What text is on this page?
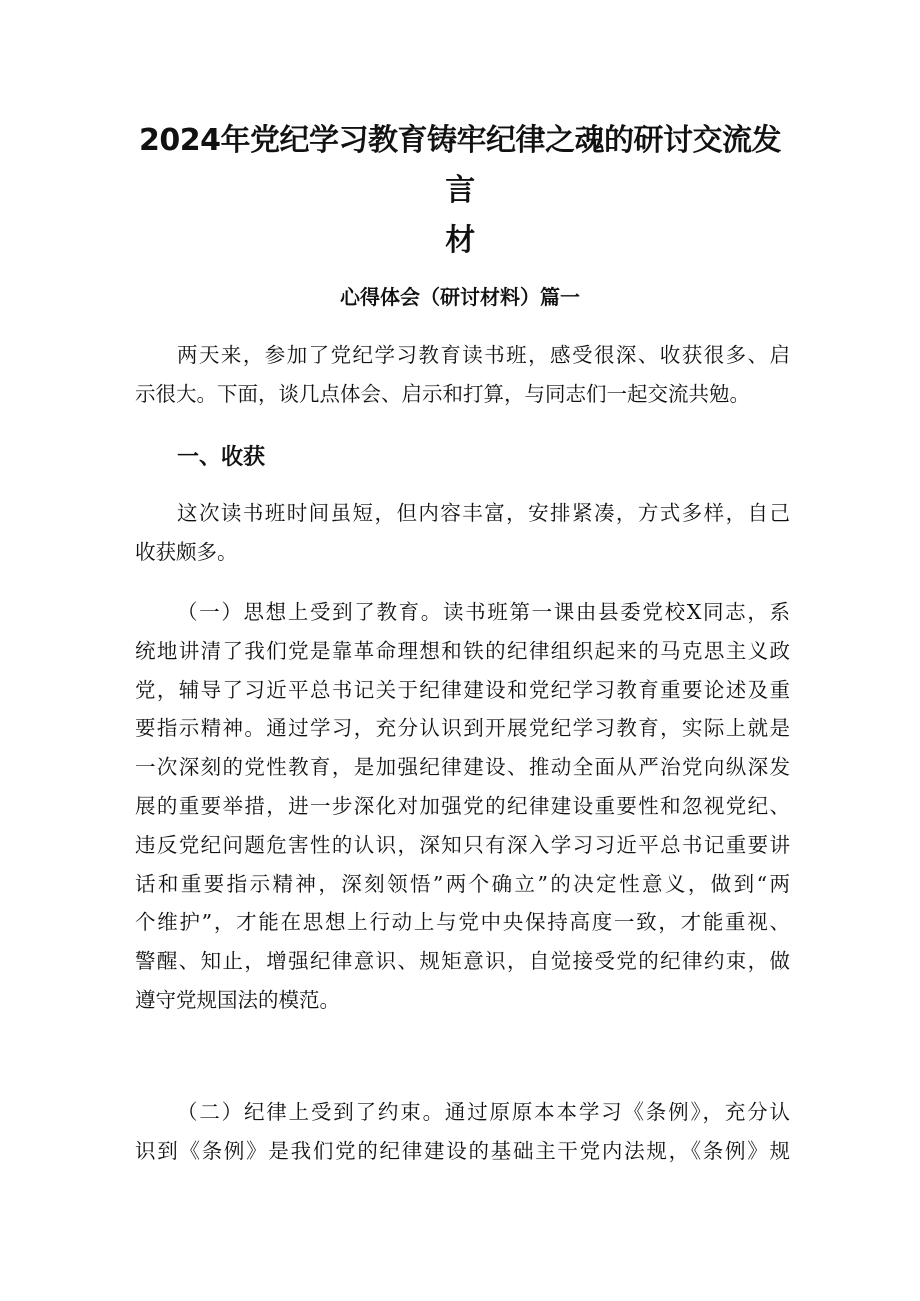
2024年党纪学习教育铸牢纪律之魂的研讨交流发言
材
心得体会（研讨材料）篇一

两天来，参加了党纪学习教育读书班，感受很深、收获很多、启
示很大。下面，谈几点体会、启示和打算，与同志们一起交流共勉。

一、收获

这次读书班时间虽短，但内容丰富，安排紧凑，方式多样，自己
收获颇多。

（一）思想上受到了教育。读书班第一课由县委党校X同志，系
统地讲清了我们党是靠革命理想和铁的纪律组织起来的马克思主义政
党，辅导了习近平总书记关于纪律建设和党纪学习教育重要论述及重
要指示精神。通过学习，充分认识到开展党纪学习教育，实际上就是
一次深刻的党性教育，是加强纪律建设、推动全面从严治党向纵深发
展的重要举措，进一步深化对加强党的纪律建设重要性和忽视党纪、
违反党纪问题危害性的认识，深知只有深入学习习近平总书记重要讲
话和重要指示精神，深刻领悟”两个确立”的决定性意义，做到“两
个维护”，才能在思想上行动上与党中央保持高度一致，才能重视、
警醒、知止，增强纪律意识、规矩意识，自觉接受党的纪律约束，做
遵守党规国法的模范。

（二）纪律上受到了约束。通过原原本本学习《条例》，充分认
识到《条例》是我们党的纪律建设的基础主干党内法规，《条例》规
